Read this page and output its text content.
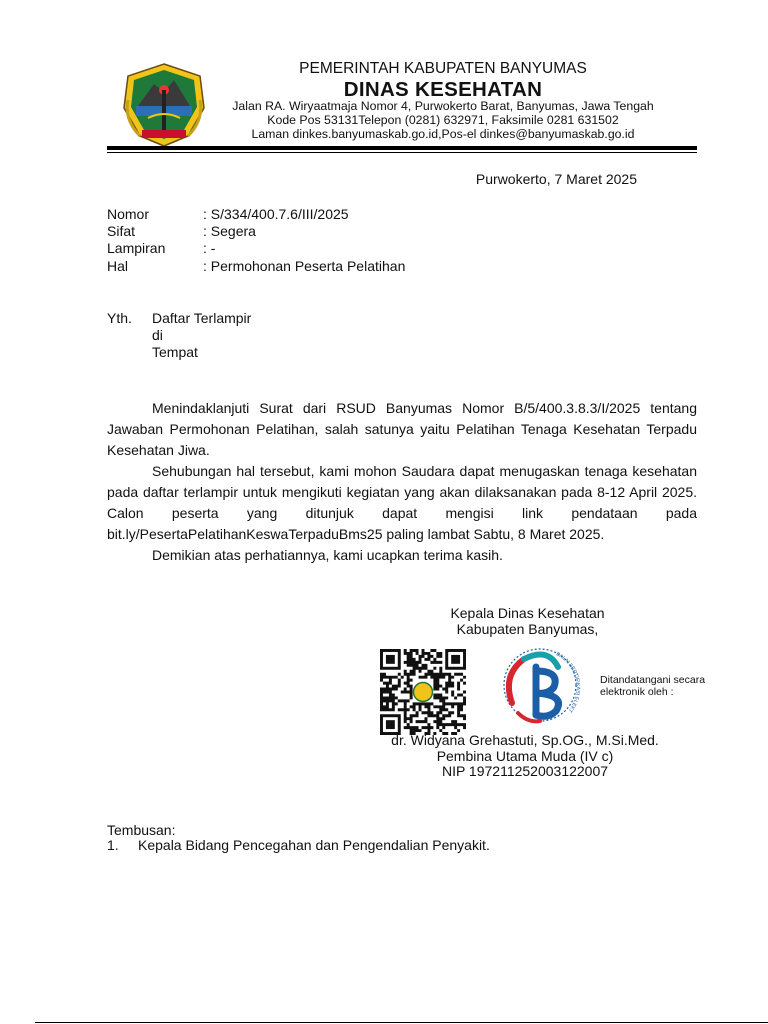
PEMERINTAH KABUPATEN BANYUMAS
DINAS KESEHATAN
Jalan RA. Wiryaatmaja Nomor 4, Purwokerto Barat, Banyumas, Jawa Tengah
Kode Pos 53131Telepon (0281) 632971, Faksimile 0281 631502
Laman dinkes.banyumaskab.go.id,Pos-el dinkes@banyumaskab.go.id
Purwokerto, 7 Maret 2025
Nomor	: S/334/400.7.6/III/2025
Sifat	: Segera
Lampiran	: -
Hal	: Permohonan Peserta Pelatihan
Yth. Daftar Terlampir
di
Tempat

Menindaklanjuti Surat dari RSUD Banyumas Nomor B/5/400.3.8.3/I/2025 tentang Jawaban Permohonan Pelatihan, salah satunya yaitu Pelatihan Tenaga Kesehatan Terpadu Kesehatan Jiwa.

Sehubungan hal tersebut, kami mohon Saudara dapat menugaskan tenaga kesehatan pada daftar terlampir untuk mengikuti kegiatan yang akan dilaksanakan pada 8-12 April 2025. Calon peserta yang ditunjuk dapat mengisi link pendataan pada bit.ly/PesertaPelatihanKeswaTerpaduBms25 paling lambat Sabtu, 8 Maret 2025.

Demikian atas perhatiannya, kami ucapkan terima kasih.

Kepala Dinas Kesehatan
Kabupaten Banyumas,
BALAI SERTIFIKASI ELEKT
Ditandatangani secara
elektronik oleh :
dr. Widyana Grehastuti, Sp.OG., M.Si.Med.
Pembina Utama Muda (IV c)
NIP 197211252003122007
Tembusan:
1. Kepala Bidang Pencegahan dan Pengendalian Penyakit.
